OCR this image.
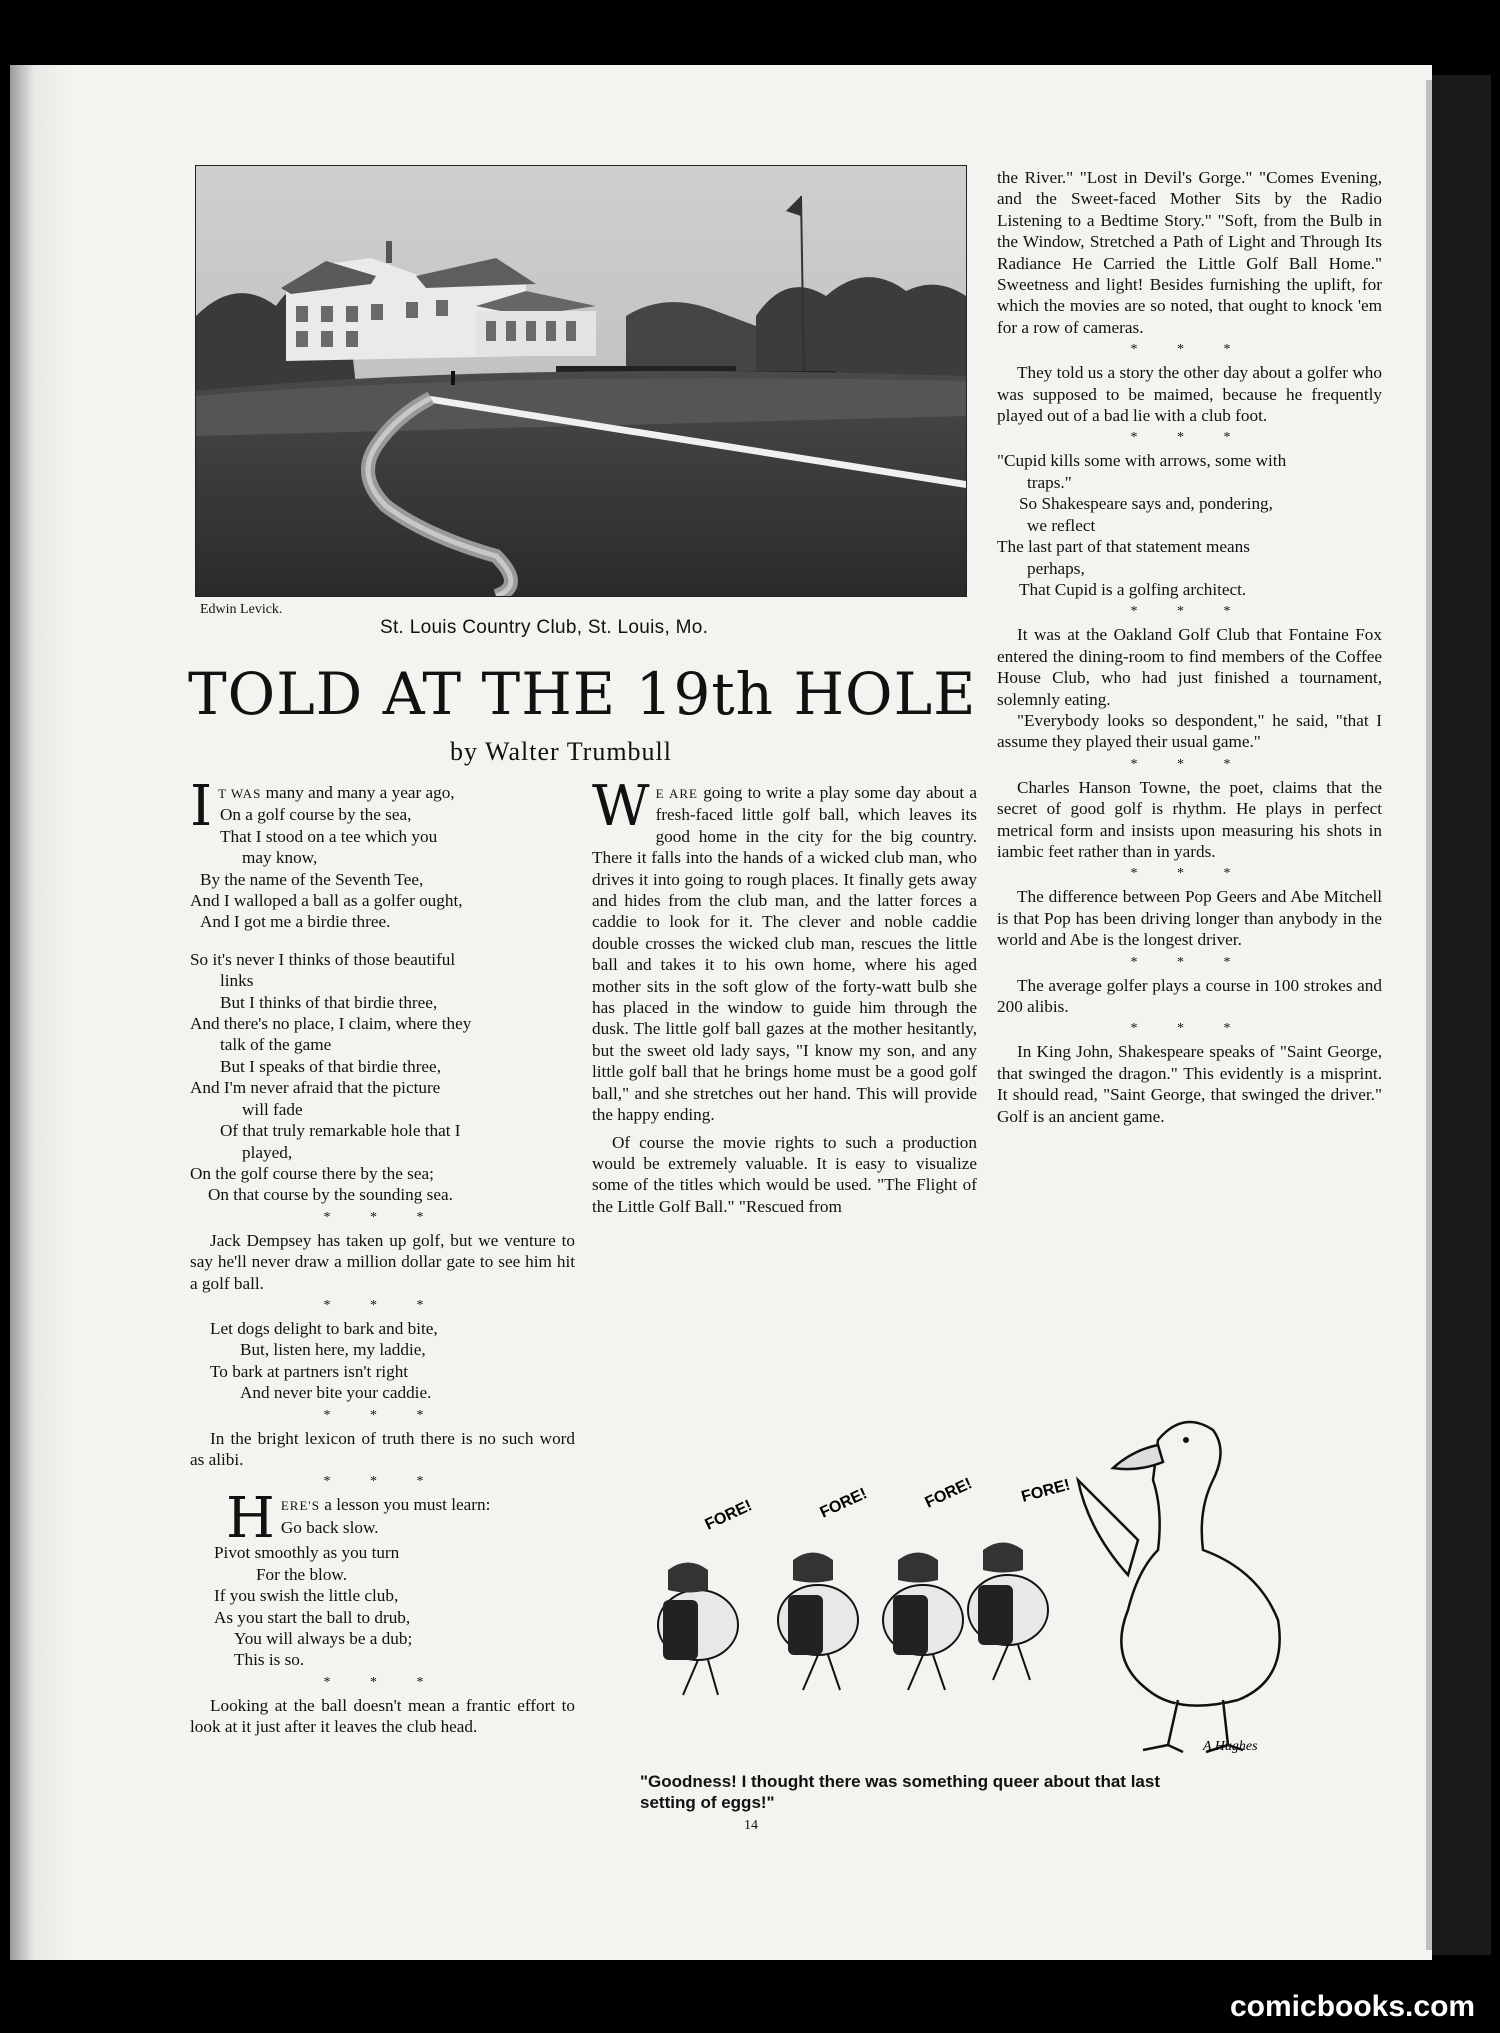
Edwin Levick.
St. Louis Country Club, St. Louis, Mo.
TOLD AT THE 19th HOLE
by Walter Trumbull
I T WAS many and many a year ago,

On a golf course by the sea,

That I stood on a tee which you

may know,

By the name of the Seventh Tee,

And I walloped a ball as a golfer ought,

And I got me a birdie three.

So it's never I thinks of those beautiful

links

But I thinks of that birdie three,

And there's no place, I claim, where they

talk of the game

But I speaks of that birdie three,

And I'm never afraid that the picture

will fade

Of that truly remarkable hole that I

played,

On the golf course there by the sea;

On that course by the sounding sea.

* * *

Jack Dempsey has taken up golf, but we venture to say he'll never draw a million dollar gate to see him hit a golf ball.

* * *

Let dogs delight to bark and bite,

But, listen here, my laddie,

To bark at partners isn't right

And never bite your caddie.

* * *

In the bright lexicon of truth there is no such word as alibi.

* * *

H ERE'S a lesson you must learn:

Go back slow.

Pivot smoothly as you turn

For the blow.

If you swish the little club,

As you start the ball to drub,

You will always be a dub;

This is so.

* * *

Looking at the ball doesn't mean a frantic effort to look at it just after it leaves the club head.

W E ARE going to write a play some day about a fresh-faced little golf ball, which leaves its good home in the city for the big country. There it falls into the hands of a wicked club man, who drives it into going to rough places. It finally gets away and hides from the club man, and the latter forces a caddie to look for it. The clever and noble caddie double crosses the wicked club man, rescues the little ball and takes it to his own home, where his aged mother sits in the soft glow of the forty-watt bulb she has placed in the window to guide him through the dusk. The little golf ball gazes at the mother hesitantly, but the sweet old lady says, "I know my son, and any little golf ball that he brings home must be a good golf ball," and she stretches out her hand. This will provide the happy ending.

Of course the movie rights to such a production would be extremely valuable. It is easy to visualize some of the titles which would be used. "The Flight of the Little Golf Ball." "Rescued from

the River." "Lost in Devil's Gorge." "Comes Evening, and the Sweet-faced Mother Sits by the Radio Listening to a Bedtime Story." "Soft, from the Bulb in the Window, Stretched a Path of Light and Through Its Radiance He Carried the Little Golf Ball Home." Sweetness and light! Besides furnishing the uplift, for which the movies are so noted, that ought to knock 'em for a row of cameras.

* * *

They told us a story the other day about a golfer who was supposed to be maimed, because he frequently played out of a bad lie with a club foot.

* * *

"Cupid kills some with arrows, some with

traps."

So Shakespeare says and, pondering,

we reflect

The last part of that statement means

perhaps,

That Cupid is a golfing architect.

* * *

It was at the Oakland Golf Club that Fontaine Fox entered the dining-room to find members of the Coffee House Club, who had just finished a tournament, solemnly eating.

"Everybody looks so despondent," he said, "that I assume they played their usual game."

* * *

Charles Hanson Towne, the poet, claims that the secret of good golf is rhythm. He plays in perfect metrical form and insists upon measuring his shots in iambic feet rather than in yards.

* * *

The difference between Pop Geers and Abe Mitchell is that Pop has been driving longer than anybody in the world and Abe is the longest driver.

* * *

The average golfer plays a course in 100 strokes and 200 alibis.

* * *

In King John, Shakespeare speaks of "Saint George, that swinged the dragon." This evidently is a misprint. It should read, "Saint George, that swinged the driver." Golf is an ancient game.

FORE!	FORE!	FORE!	FORE!
A Hughes
"Goodness! I thought there was something queer about that last
setting of eggs!"
14
comicbooks.com
